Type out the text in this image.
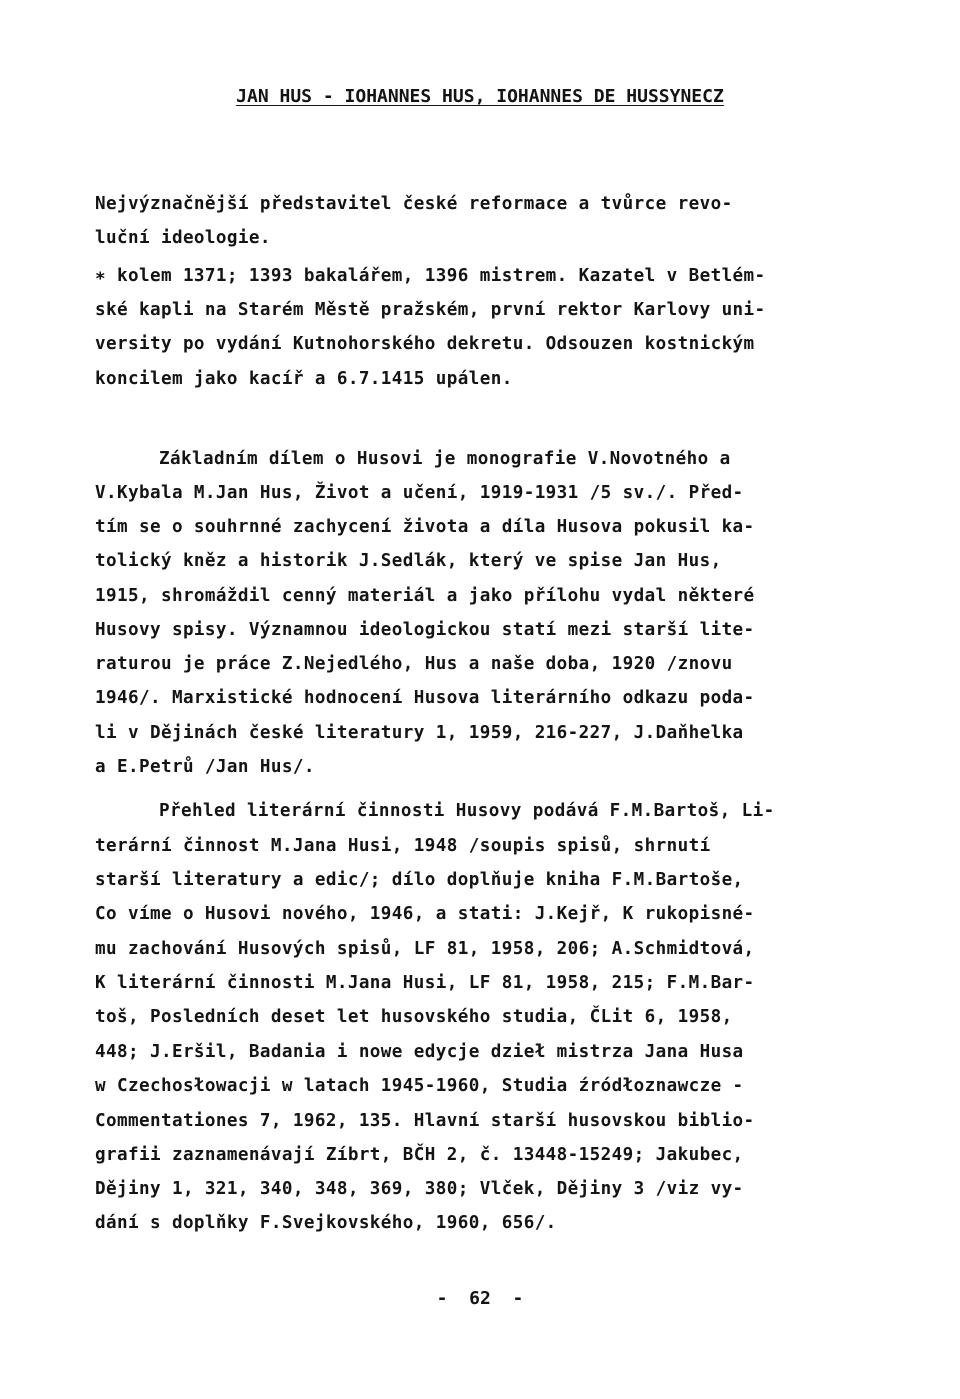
JAN HUS - IOHANNES HUS, IOHANNES DE HUSSYNECZ
Nejvýznačnější představitel české reformace a tvůrce revo-
luční ideologie.
∗ kolem 1371; 1393 bakalářem, 1396 mistrem. Kazatel v Betlém-
ské kapli na Starém Městě pražském, první rektor Karlovy uni-
versity po vydání Kutnohorského dekretu. Odsouzen kostnickým
koncilem jako kacíř a 6.7.1415 upálen.
Základním dílem o Husovi je monografie V.Novotného a
V.Kybala M.Jan Hus, Život a učení, 1919-1931 /5 sv./. Před-
tím se o souhrnné zachycení života a díla Husova pokusil ka-
tolický kněz a historik J.Sedlák, který ve spise Jan Hus,
1915, shromáždil cenný materiál a jako přílohu vydal některé
Husovy spisy. Významnou ideologickou statí mezi starší lite-
raturou je práce Z.Nejedlého, Hus a naše doba, 1920 /znovu
1946/. Marxistické hodnocení Husova literárního odkazu poda-
li v Dějinách české literatury 1, 1959, 216-227, J.Daňhelka
a E.Petrů /Jan Hus/.
Přehled literární činnosti Husovy podává F.M.Bartoš, Li-
terární činnost M.Jana Husi, 1948 /soupis spisů, shrnutí
starší literatury a edic/; dílo doplňuje kniha F.M.Bartoše,
Co víme o Husovi nového, 1946, a stati: J.Kejř, K rukopisné-
mu zachování Husových spisů, LF 81, 1958, 206; A.Schmidtová,
K literární činnosti M.Jana Husi, LF 81, 1958, 215; F.M.Bar-
toš, Posledních deset let husovského studia, ČLit 6, 1958,
448; J.Eršil, Badania i nowe edycje dzieł mistrza Jana Husa
w Czechosłowacji w latach 1945-1960, Studia źródłoznawcze -
Commentationes 7, 1962, 135. Hlavní starší husovskou biblio-
grafii zaznamenávají Zíbrt, BČH 2, č. 13448-15249; Jakubec,
Dějiny 1, 321, 340, 348, 369, 380; Vlček, Dějiny 3 /viz vy-
dání s doplňky F.Svejkovského, 1960, 656/.
-  62  -
